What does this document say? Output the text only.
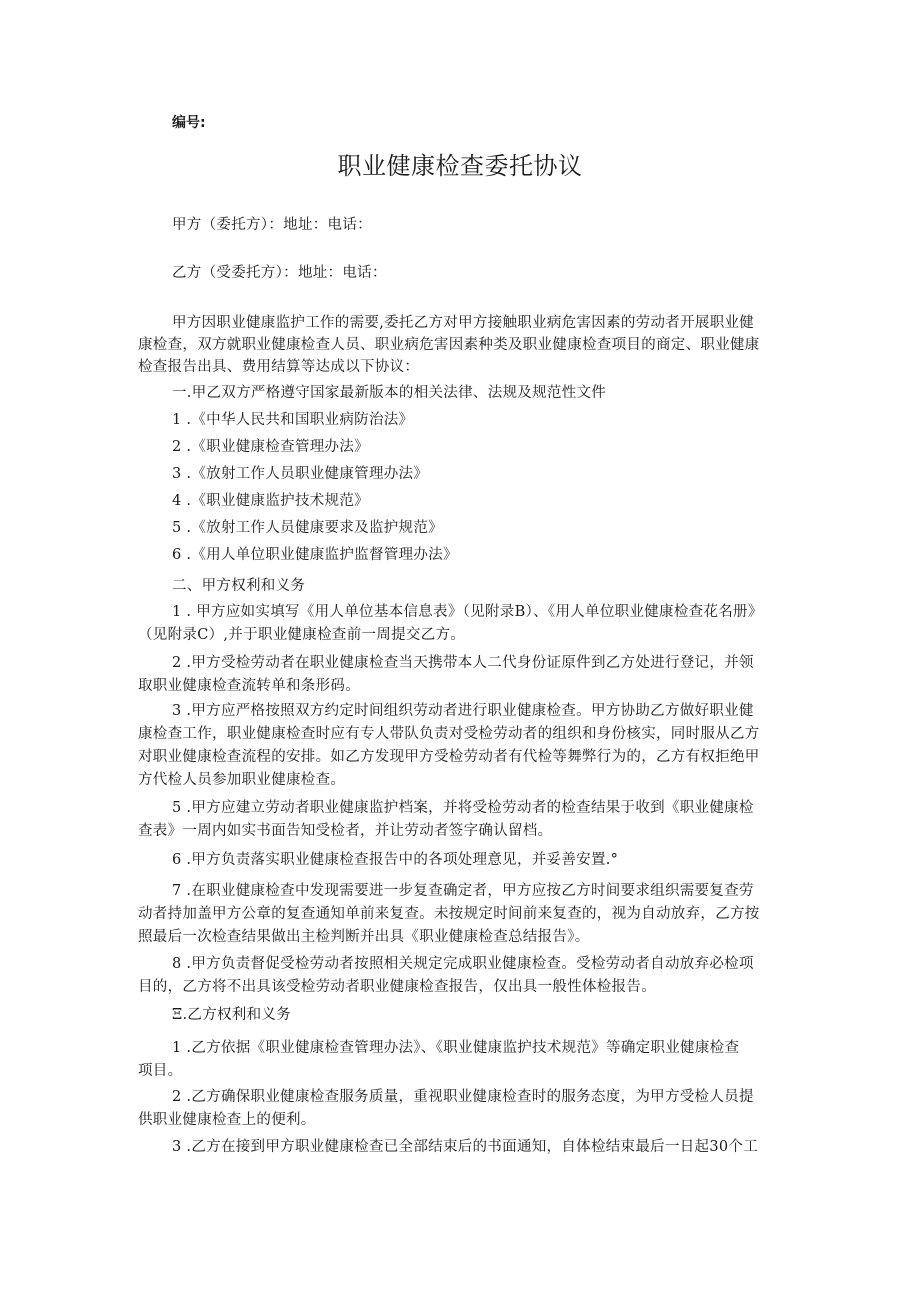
编号:
职业健康检查委托协议

甲方（委托方）：地址：电话：

乙方（受委托方）：地址：电话：

甲方因职业健康监护工作的需要,委托乙方对甲方接触职业病危害因素的劳动者开展职业健

康检查，双方就职业健康检查人员、职业病危害因素种类及职业健康检查项目的商定、职业健康

检查报告出具、费用结算等达成以下协议：

一.甲乙双方严格遵守国家最新版本的相关法律、法规及规范性文件

1 .《中华人民共和国职业病防治法》

2 .《职业健康检查管理办法》

3 .《放射工作人员职业健康管理办法》

4 .《职业健康监护技术规范》

5 .《放射工作人员健康要求及监护规范》

6 .《用人单位职业健康监护监督管理办法》

二、甲方权利和义务

1 . 甲方应如实填写《用人单位基本信息表》（见附录B）、《用人单位职业健康检查花名册》

（见附录C）,并于职业健康检查前一周提交乙方。

2 .甲方受检劳动者在职业健康检查当天携带本人二代身份证原件到乙方处进行登记，并领

取职业健康检查流转单和条形码。

3 .甲方应严格按照双方约定时间组织劳动者进行职业健康检查。甲方协助乙方做好职业健

康检查工作，职业健康检查时应有专人带队负责对受检劳动者的组织和身份核实，同时服从乙方

对职业健康检查流程的安排。如乙方发现甲方受检劳动者有代检等舞弊行为的，乙方有权拒绝甲

方代检人员参加职业健康检查。

5 .甲方应建立劳动者职业健康监护档案，并将受检劳动者的检查结果于收到《职业健康检

查表》一周内如实书面告知受检者，并让劳动者签字确认留档。

6 .甲方负责落实职业健康检查报告中的各项处理意见，并妥善安置.°

7 .在职业健康检查中发现需要进一步复查确定者，甲方应按乙方时间要求组织需要复查劳

动者持加盖甲方公章的复查通知单前来复查。未按规定时间前来复查的，视为自动放弃，乙方按

照最后一次检查结果做出主检判断并出具《职业健康检查总结报告》。

8 .甲方负责督促受检劳动者按照相关规定完成职业健康检查。受检劳动者自动放弃必检项

目的，乙方将不出具该受检劳动者职业健康检查报告，仅出具一般性体检报告。

Ξ.乙方权利和义务

1 .乙方依据《职业健康检查管理办法》、《职业健康监护技术规范》等确定职业健康检查

项目。

2 .乙方确保职业健康检查服务质量，重视职业健康检查时的服务态度，为甲方受检人员提

供职业健康检查上的便利。

3 .乙方在接到甲方职业健康检查已全部结束后的书面通知，自体检结束最后一日起30个工
